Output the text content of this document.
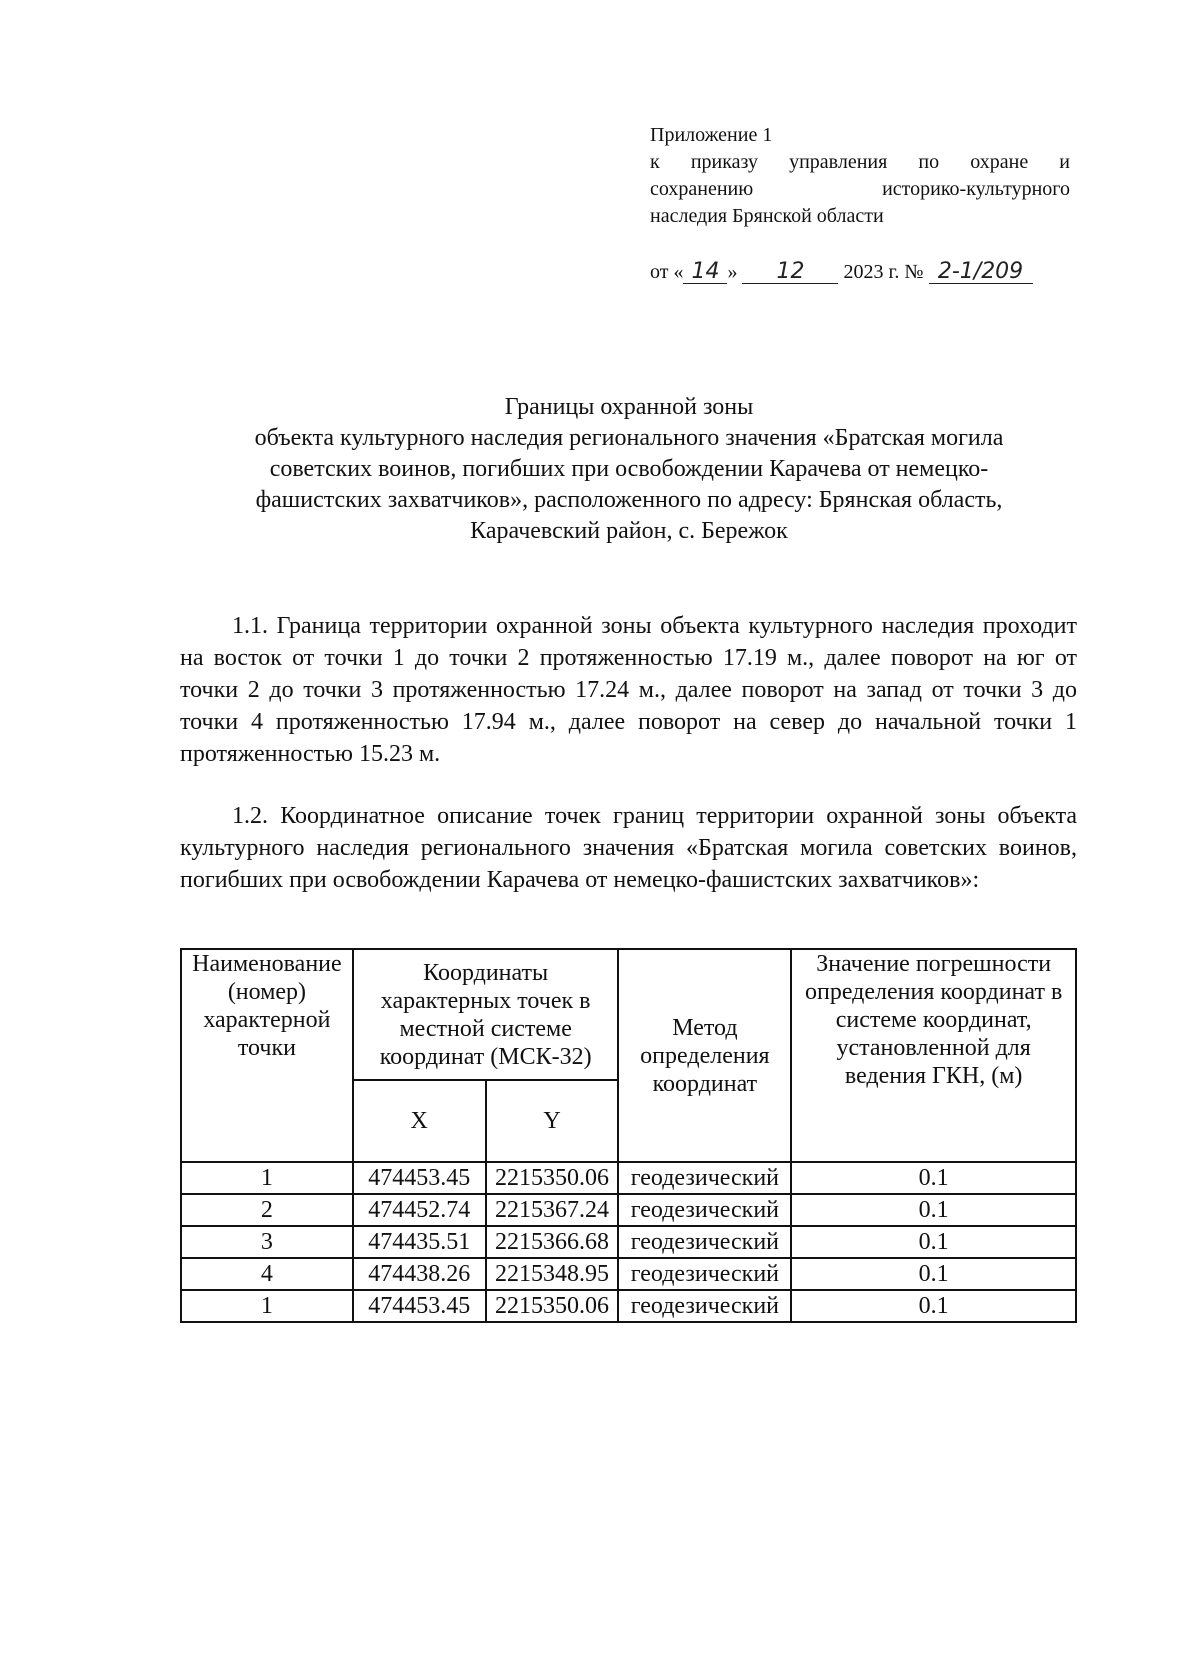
Приложение 1
к приказу управления по охране и
сохранению историко-культурного
наследия Брянской области
от « 14 » 12 2023 г. № 2-1/209
Границы охранной зоны
объекта культурного наследия регионального значения «Братская могила
советских воинов, погибших при освобождении Карачева от немецко-
фашистских захватчиков», расположенного по адресу: Брянская область,
Карачевский район, с. Бережок
1.1. Граница территории охранной зоны объекта культурного наследия проходит на восток от точки 1 до точки 2 протяженностью 17.19 м., далее поворот на юг от точки 2 до точки 3 протяженностью 17.24 м., далее поворот на запад от точки 3 до точки 4 протяженностью 17.94 м., далее поворот на север до начальной точки 1 протяженностью 15.23 м.
1.2. Координатное описание точек границ территории охранной зоны объекта культурного наследия регионального значения «Братская могила советских воинов, погибших при освобождении Карачева от немецко-фашистских захватчиков»:
Наименование (номер) характерной точки	Координаты характерных точек в местной системе координат (МСК-32)		Метод определения координат	Значение погрешности определения координат в системе координат, установленной для ведения ГКН, (м)
	X	Y		
1	474453.45	2215350.06	геодезический	0.1
2	474452.74	2215367.24	геодезический	0.1
3	474435.51	2215366.68	геодезический	0.1
4	474438.26	2215348.95	геодезический	0.1
1	474453.45	2215350.06	геодезический	0.1
